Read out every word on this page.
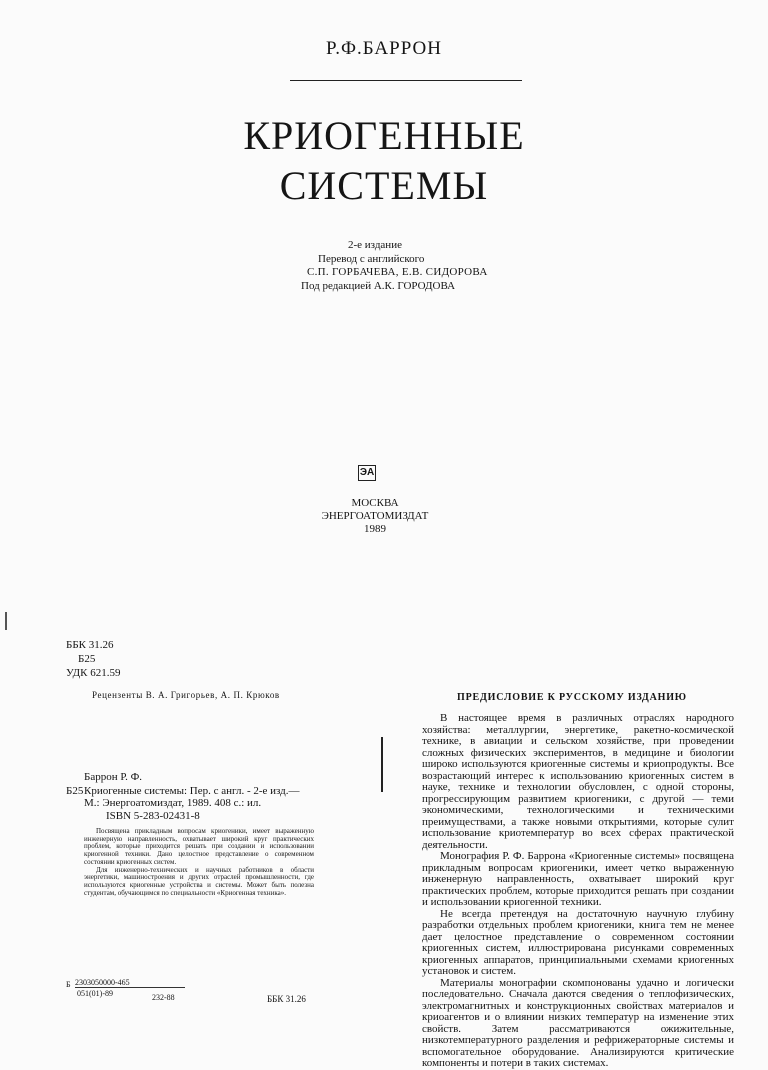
Р.Ф.БАРРОН
КРИОГЕННЫЕ
СИСТЕМЫ
2-е издание
Перевод с английского
С.П. ГОРБАЧЕВА, Е.В. СИДОРОВА
Под редакцией А.К. ГОРОДОВА
ЭА
МОСКВА
ЭНЕРГОАТОМИЗДАТ
1989
ББК 31.26
Б25
УДК 621.59
Рецензенты В. А. Григорьев, А. П. Крюков
Баррон Р. Ф.
Б25 Криогенные системы: Пер. с англ. - 2-е изд.— М.: Энергоатомиздат, 1989. 408 с.: ил.
ISBN 5-283-02431-8

Посвящена прикладным вопросам криогеники, имеет выраженную инженерную направленность, охватывает широкий круг практических проблем, которые приходится решать при создании и использовании криогенной техники. Дано целостное представление о современном состоянии криогенных систем.

Для инженерно-технических и научных работников в области энергетики, машиностроения и других отраслей промышленности, где используются криогенные устройства и системы. Может быть полезна студентам, обучающимся по специальности «Криогенная техника».

Б 2303050000-465
051(01)-89	232-88	ББК 31.26
ПРЕДИСЛОВИЕ К РУССКОМУ ИЗДАНИЮ

В настоящее время в различных отраслях народного хозяйства: металлургии, энергетике, ракетно-космической технике, в авиации и сельском хозяйстве, при проведении сложных физических экспериментов, в медицине и биологии широко используются криогенные системы и криопродукты. Все возрастающий интерес к использованию криогенных систем в науке, технике и технологии обусловлен, с одной стороны, прогрессирующим развитием криогеники, с другой — теми экономическими, технологическими и техническими преимуществами, а также новыми открытиями, которые сулит использование криотемператур во всех сферах практической деятельности.

Монография Р. Ф. Баррона «Криогенные системы» посвящена прикладным вопросам криогеники, имеет четко выраженную инженерную направленность, охватывает широкий круг практических проблем, которые приходится решать при создании и использовании криогенной техники.

Не всегда претендуя на достаточную научную глубину разработки отдельных проблем криогеники, книга тем не менее дает целостное представление о современном состоянии криогенных систем, иллюстрирована рисунками современных криогенных аппаратов, принципиальными схемами криогенных установок и систем.

Материалы монографии скомпонованы удачно и логически последовательно. Сначала даются сведения о теплофизических, электромагнитных и конструкционных свойствах материалов и криоагентов и о влиянии низких температур на изменение этих свойств. Затем рассматриваются ожижительные, низкотемпературного разделения и рефрижераторные системы и вспомогательное оборудование. Анализируются критические компоненты и потери в таких системах.
